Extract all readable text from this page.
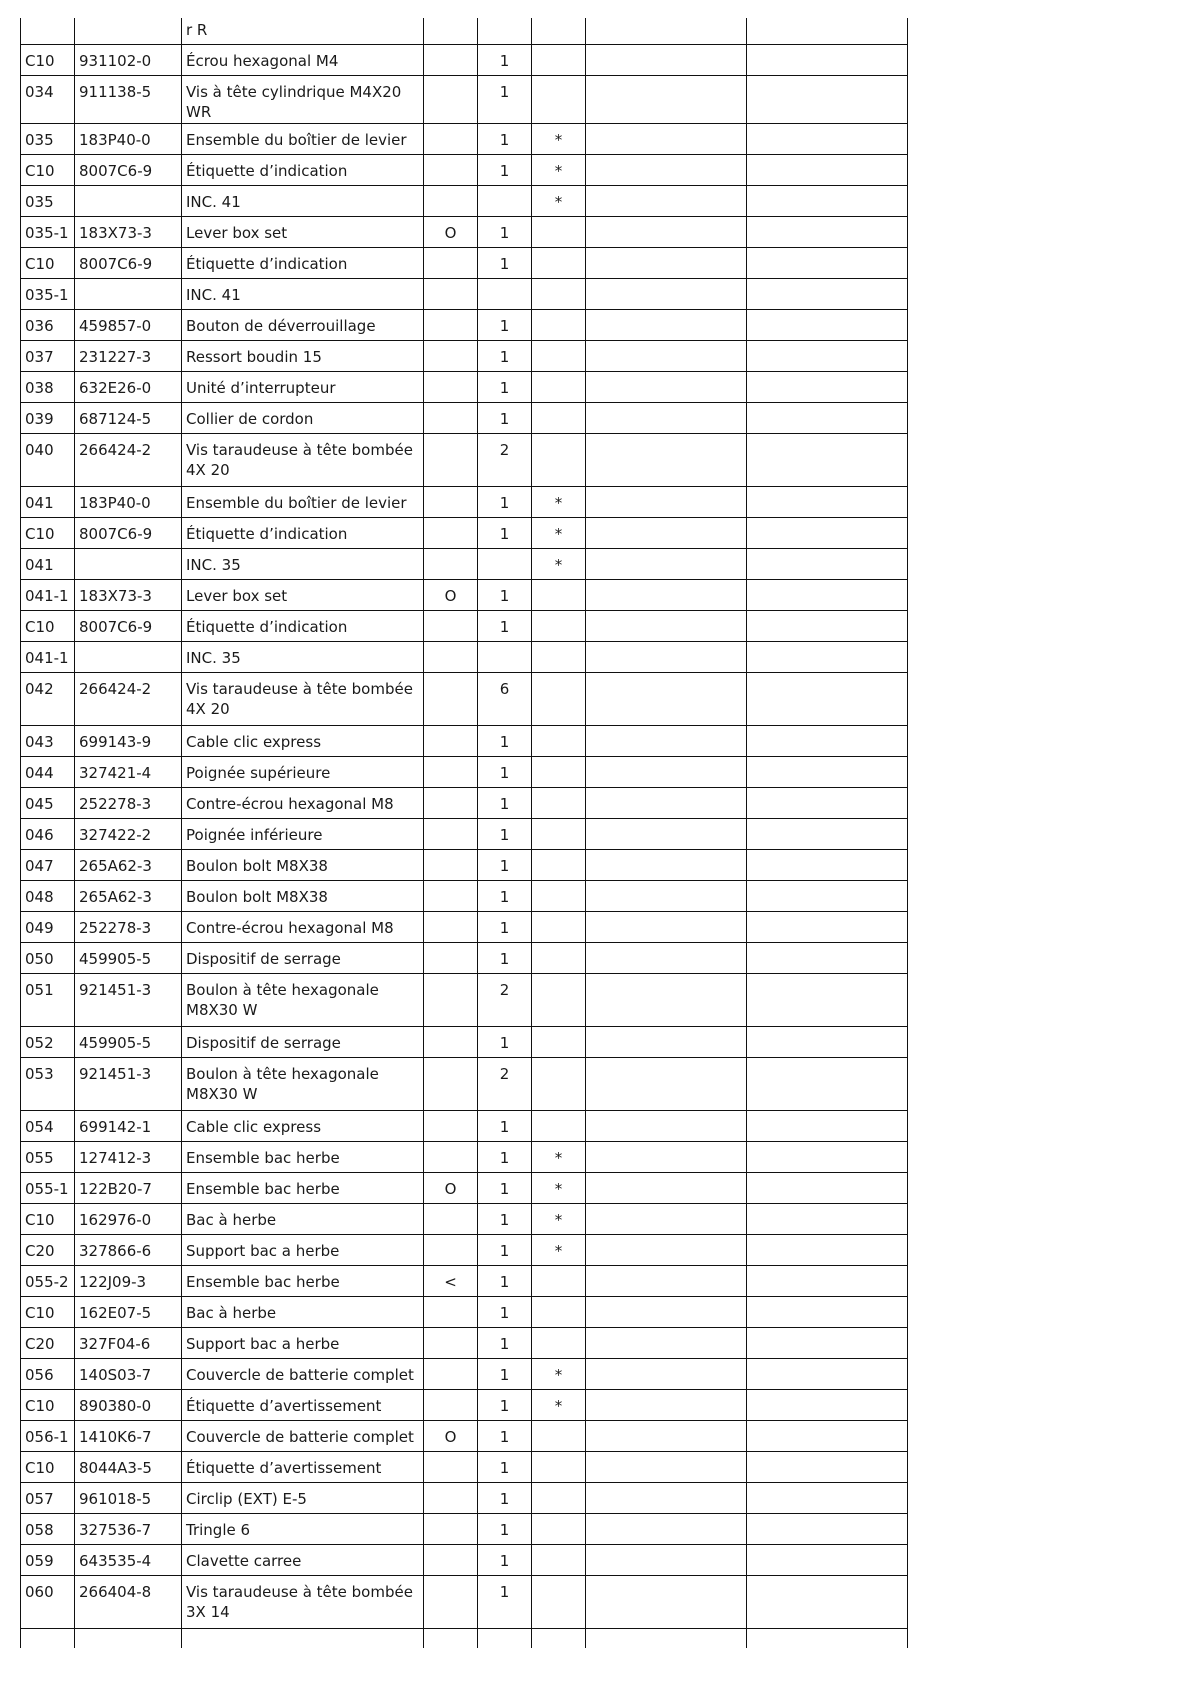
		r R					
C10	931102-0	Écrou hexagonal M4		1			
034	911138-5	Vis à tête cylindrique M4X20 WR		1			
035	183P40-0	Ensemble du boîtier de levier		1	*		
C10	8007C6-9	Étiquette d’indication		1	*		
035		INC. 41			*		
035-1	183X73-3	Lever box set	O	1			
C10	8007C6-9	Étiquette d’indication		1			
035-1		INC. 41					
036	459857-0	Bouton de déverrouillage		1			
037	231227-3	Ressort boudin 15		1			
038	632E26-0	Unité d’interrupteur		1			
039	687124-5	Collier de cordon		1			
040	266424-2	Vis taraudeuse à tête bombée 4X 20		2			
041	183P40-0	Ensemble du boîtier de levier		1	*		
C10	8007C6-9	Étiquette d’indication		1	*		
041		INC. 35			*		
041-1	183X73-3	Lever box set	O	1			
C10	8007C6-9	Étiquette d’indication		1			
041-1		INC. 35					
042	266424-2	Vis taraudeuse à tête bombée 4X 20		6			
043	699143-9	Cable clic express		1			
044	327421-4	Poignée supérieure		1			
045	252278-3	Contre-écrou hexagonal M8		1			
046	327422-2	Poignée inférieure		1			
047	265A62-3	Boulon bolt M8X38		1			
048	265A62-3	Boulon bolt M8X38		1			
049	252278-3	Contre-écrou hexagonal M8		1			
050	459905-5	Dispositif de serrage		1			
051	921451-3	Boulon à tête hexagonale M8X30 W		2			
052	459905-5	Dispositif de serrage		1			
053	921451-3	Boulon à tête hexagonale M8X30 W		2			
054	699142-1	Cable clic express		1			
055	127412-3	Ensemble bac herbe		1	*		
055-1	122B20-7	Ensemble bac herbe	O	1	*		
C10	162976-0	Bac à herbe		1	*		
C20	327866-6	Support bac a herbe		1	*		
055-2	122J09-3	Ensemble bac herbe	<	1			
C10	162E07-5	Bac à herbe		1			
C20	327F04-6	Support bac a herbe		1			
056	140S03-7	Couvercle de batterie complet		1	*		
C10	890380-0	Étiquette d’avertissement		1	*		
056-1	1410K6-7	Couvercle de batterie complet	O	1			
C10	8044A3-5	Étiquette d’avertissement		1			
057	961018-5	Circlip (EXT) E-5		1			
058	327536-7	Tringle 6		1			
059	643535-4	Clavette carree		1			
060	266404-8	Vis taraudeuse à tête bombée 3X 14		1			
